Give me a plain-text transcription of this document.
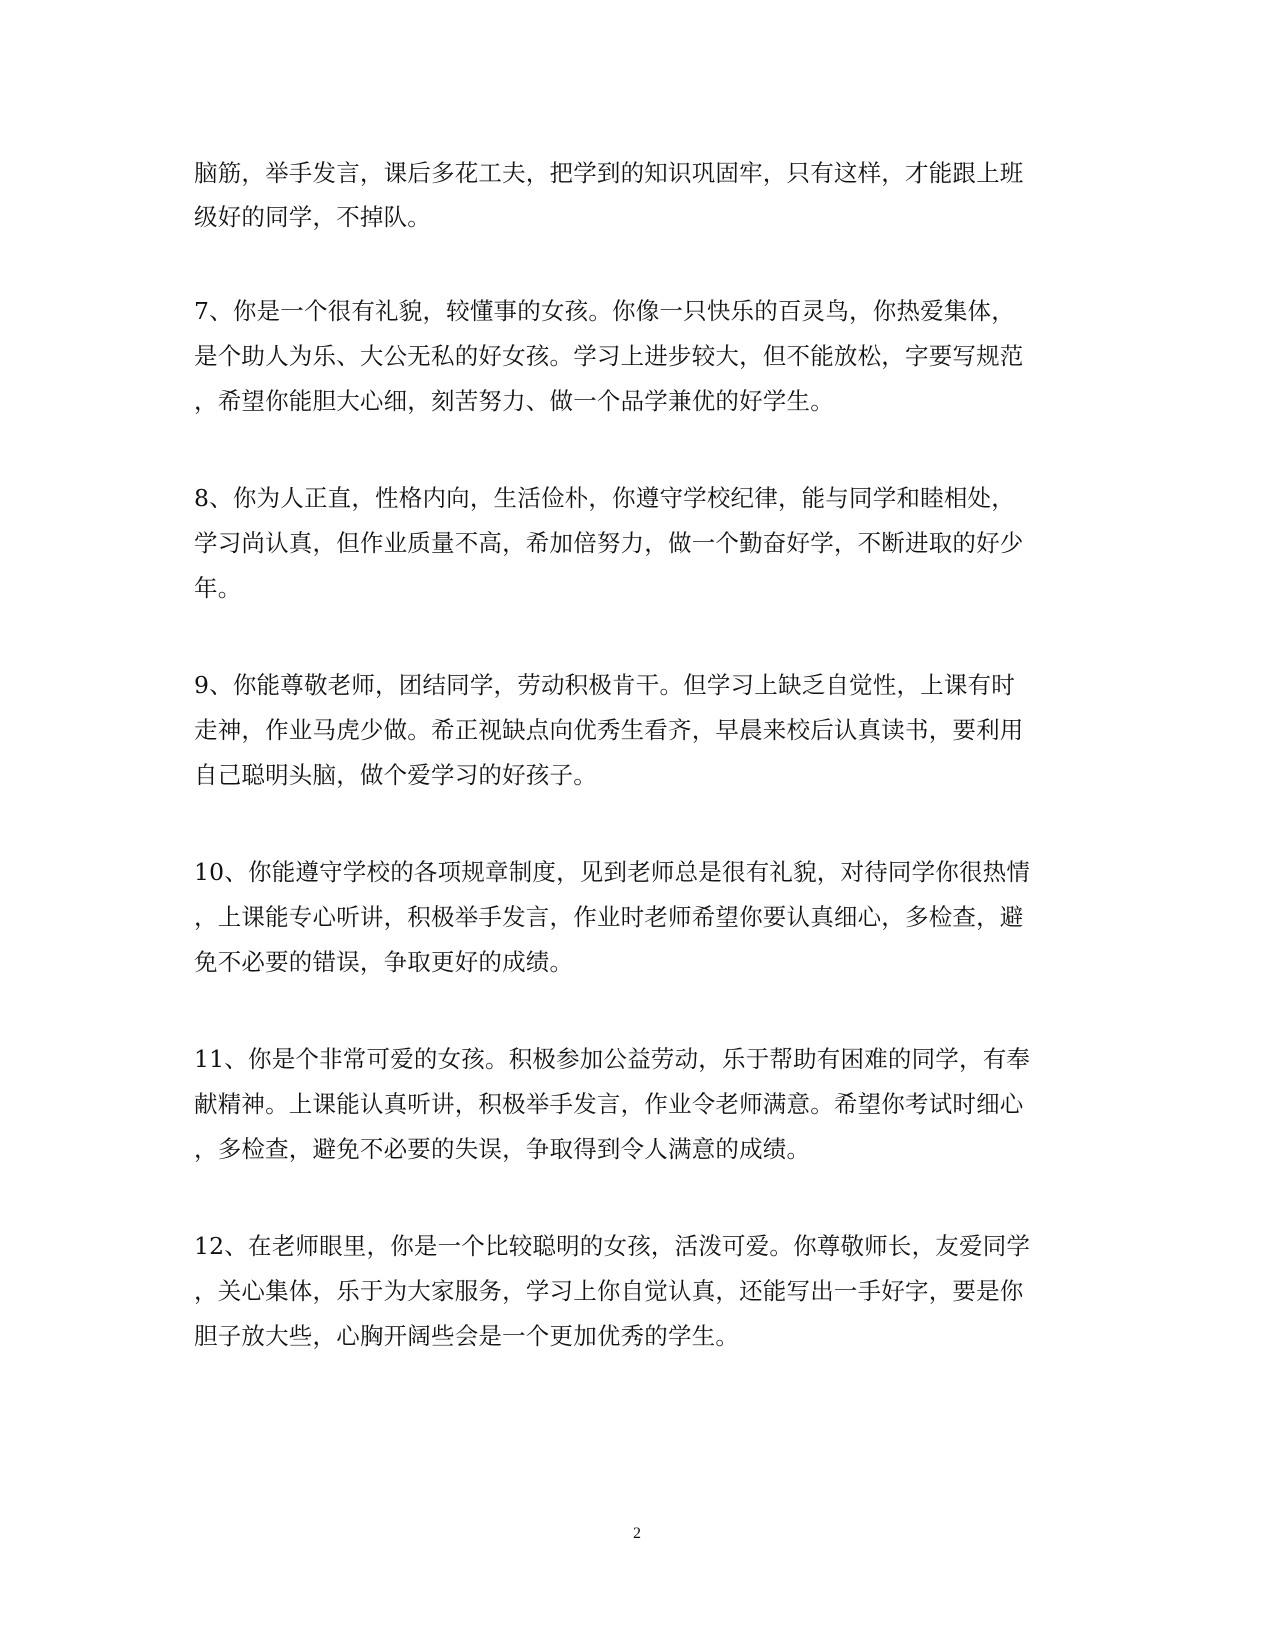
脑筋，举手发言，课后多花工夫，把学到的知识巩固牢，只有这样，才能跟上班
级好的同学，不掉队。
7、你是一个很有礼貌，较懂事的女孩。你像一只快乐的百灵鸟，你热爱集体，
是个助人为乐、大公无私的好女孩。学习上进步较大，但不能放松，字要写规范
，希望你能胆大心细，刻苦努力、做一个品学兼优的好学生。
8、你为人正直，性格内向，生活俭朴，你遵守学校纪律，能与同学和睦相处，
学习尚认真，但作业质量不高，希加倍努力，做一个勤奋好学，不断进取的好少
年。
9、你能尊敬老师，团结同学，劳动积极肯干。但学习上缺乏自觉性，上课有时
走神，作业马虎少做。希正视缺点向优秀生看齐，早晨来校后认真读书，要利用
自己聪明头脑，做个爱学习的好孩子。
10、你能遵守学校的各项规章制度，见到老师总是很有礼貌，对待同学你很热情
，上课能专心听讲，积极举手发言，作业时老师希望你要认真细心，多检查，避
免不必要的错误，争取更好的成绩。
11、你是个非常可爱的女孩。积极参加公益劳动，乐于帮助有困难的同学，有奉
献精神。上课能认真听讲，积极举手发言，作业令老师满意。希望你考试时细心
，多检查，避免不必要的失误，争取得到令人满意的成绩。
12、在老师眼里，你是一个比较聪明的女孩，活泼可爱。你尊敬师长，友爱同学
，关心集体，乐于为大家服务，学习上你自觉认真，还能写出一手好字，要是你
胆子放大些，心胸开阔些会是一个更加优秀的学生。
2
